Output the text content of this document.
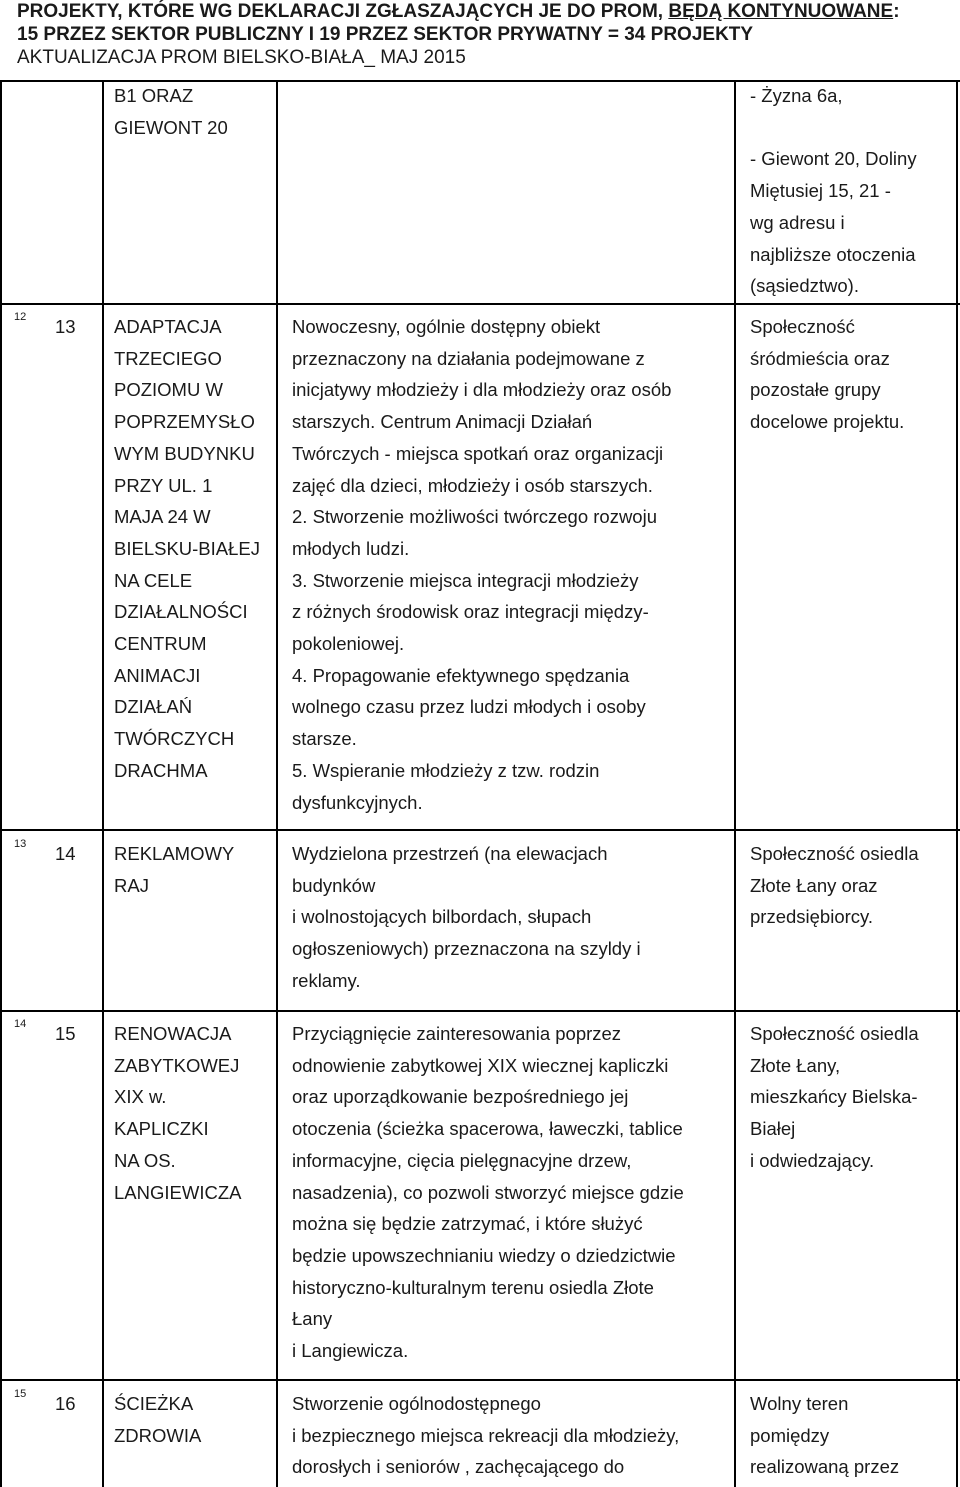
PROJEKTY, KTÓRE WG DEKLARACJI ZGŁASZAJĄCYCH JE DO PROM, BĘDĄ KONTYNUOWANE:
15 PRZEZ SEKTOR PUBLICZNY I 19 PRZEZ SEKTOR PRYWATNY = 34 PROJEKTY
AKTUALIZACJA PROM BIELSKO-BIAŁA_ MAJ 2015
B1 ORAZ
GIEWONT 20
- Żyzna 6a,

- Giewont 20, Doliny
Miętusiej 15, 21 -
wg adresu i
najbliższe otoczenia
(sąsiedztwo).
12 13 ADAPTACJA
TRZECIEGO
POZIOMU W
POPRZEMYSŁO
WYM BUDYNKU
PRZY UL. 1
MAJA 24 W
BIELSKU-BIAŁEJ
NA CELE
DZIAŁALNOŚCI
CENTRUM
ANIMACJI
DZIAŁAŃ
TWÓRCZYCH
DRACHMA
Nowoczesny, ogólnie dostępny obiekt
przeznaczony na działania podejmowane z
inicjatywy młodzieży i dla młodzieży oraz osób
starszych. Centrum Animacji Działań
Twórczych - miejsca spotkań oraz organizacji
zajęć dla dzieci, młodzieży i osób starszych.
2. Stworzenie możliwości twórczego rozwoju
młodych ludzi.
3. Stworzenie miejsca integracji młodzieży
z różnych środowisk oraz integracji między-
pokoleniowej.
4. Propagowanie efektywnego spędzania
wolnego czasu przez ludzi młodych i osoby
starsze.
5. Wspieranie młodzieży z tzw. rodzin
dysfunkcyjnych.
Społeczność
śródmieścia oraz
pozostałe grupy
docelowe projektu.
13 14 REKLAMOWY
RAJ
Wydzielona przestrzeń (na elewacjach
budynków
i wolnostojących bilbordach, słupach
ogłoszeniowych) przeznaczona na szyldy i
reklamy.
Społeczność osiedla
Złote Łany oraz
przedsiębiorcy.
14 15 RENOWACJA
ZABYTKOWEJ
XIX w.
KAPLICZKI
NA OS.
LANGIEWICZA
Przyciągnięcie zainteresowania poprzez
odnowienie zabytkowej XIX wiecznej kapliczki
oraz uporządkowanie bezpośredniego jej
otoczenia (ścieżka spacerowa, ławeczki, tablice
informacyjne, cięcia pielęgnacyjne drzew,
nasadzenia), co pozwoli stworzyć miejsce gdzie
można się będzie zatrzymać, i które służyć
będzie upowszechnianiu wiedzy o dziedzictwie
historyczno-kulturalnym terenu osiedla Złote
Łany
i Langiewicza.
Społeczność osiedla
Złote Łany,
mieszkańcy Bielska-
Białej
i odwiedzający.
15 16 ŚCIEŻKA
ZDROWIA
Stworzenie ogólnodostępnego
i bezpiecznego miejsca rekreacji dla młodzieży,
dorosłych i seniorów , zachęcającego do
Wolny teren
pomiędzy
realizowaną przez
